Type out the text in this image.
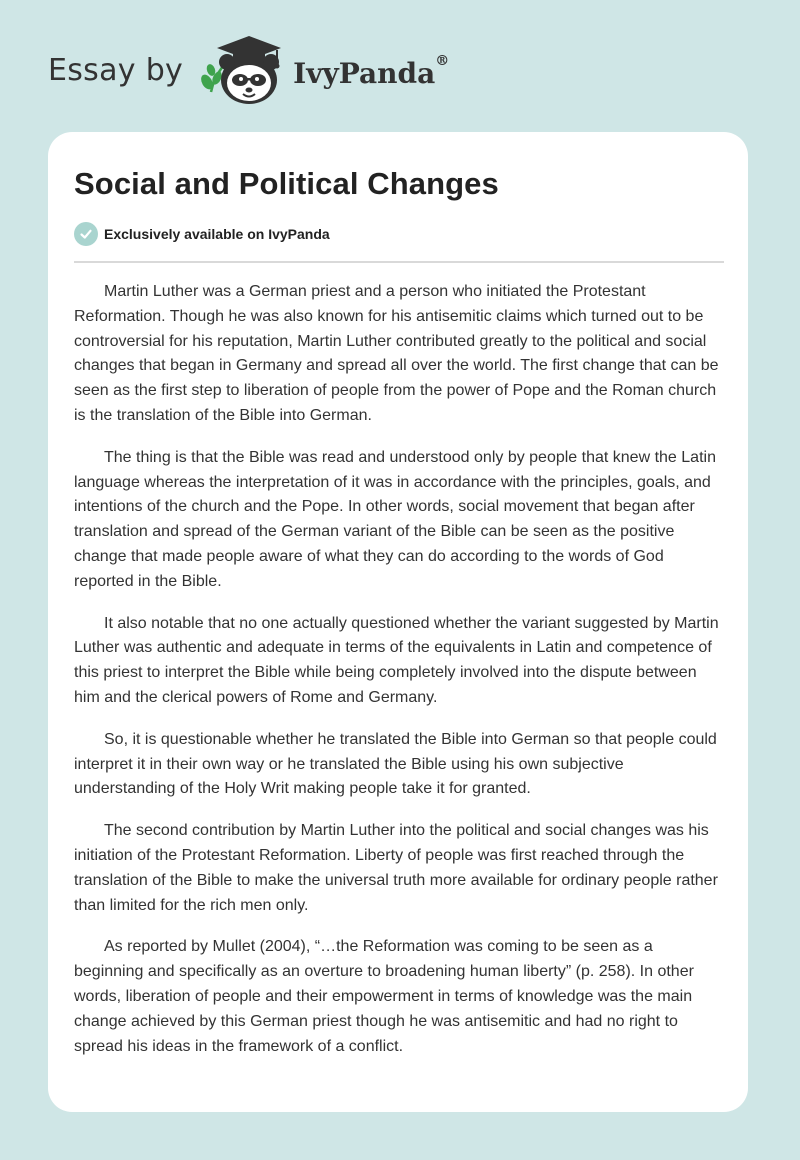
Essay by	IvyPanda®
Social and Political Changes
Exclusively available on IvyPanda

Martin Luther was a German priest and a person who initiated the Protestant Reformation. Though he was also known for his antisemitic claims which turned out to be controversial for his reputation, Martin Luther contributed greatly to the political and social changes that began in Germany and spread all over the world. The first change that can be seen as the first step to liberation of people from the power of Pope and the Roman church is the translation of the Bible into German.

The thing is that the Bible was read and understood only by people that knew the Latin language whereas the interpretation of it was in accordance with the principles, goals, and intentions of the church and the Pope. In other words, social movement that began after translation and spread of the German variant of the Bible can be seen as the positive change that made people aware of what they can do according to the words of God reported in the Bible.

It also notable that no one actually questioned whether the variant suggested by Martin Luther was authentic and adequate in terms of the equivalents in Latin and competence of this priest to interpret the Bible while being completely involved into the dispute between him and the clerical powers of Rome and Germany.

So, it is questionable whether he translated the Bible into German so that people could interpret it in their own way or he translated the Bible using his own subjective understanding of the Holy Writ making people take it for granted.

The second contribution by Martin Luther into the political and social changes was his initiation of the Protestant Reformation. Liberty of people was first reached through the translation of the Bible to make the universal truth more available for ordinary people rather than limited for the rich men only.

As reported by Mullet (2004), “…the Reformation was coming to be seen as a beginning and specifically as an overture to broadening human liberty” (p. 258). In other words, liberation of people and their empowerment in terms of knowledge was the main change achieved by this German priest though he was antisemitic and had no right to spread his ideas in the framework of a conflict.
